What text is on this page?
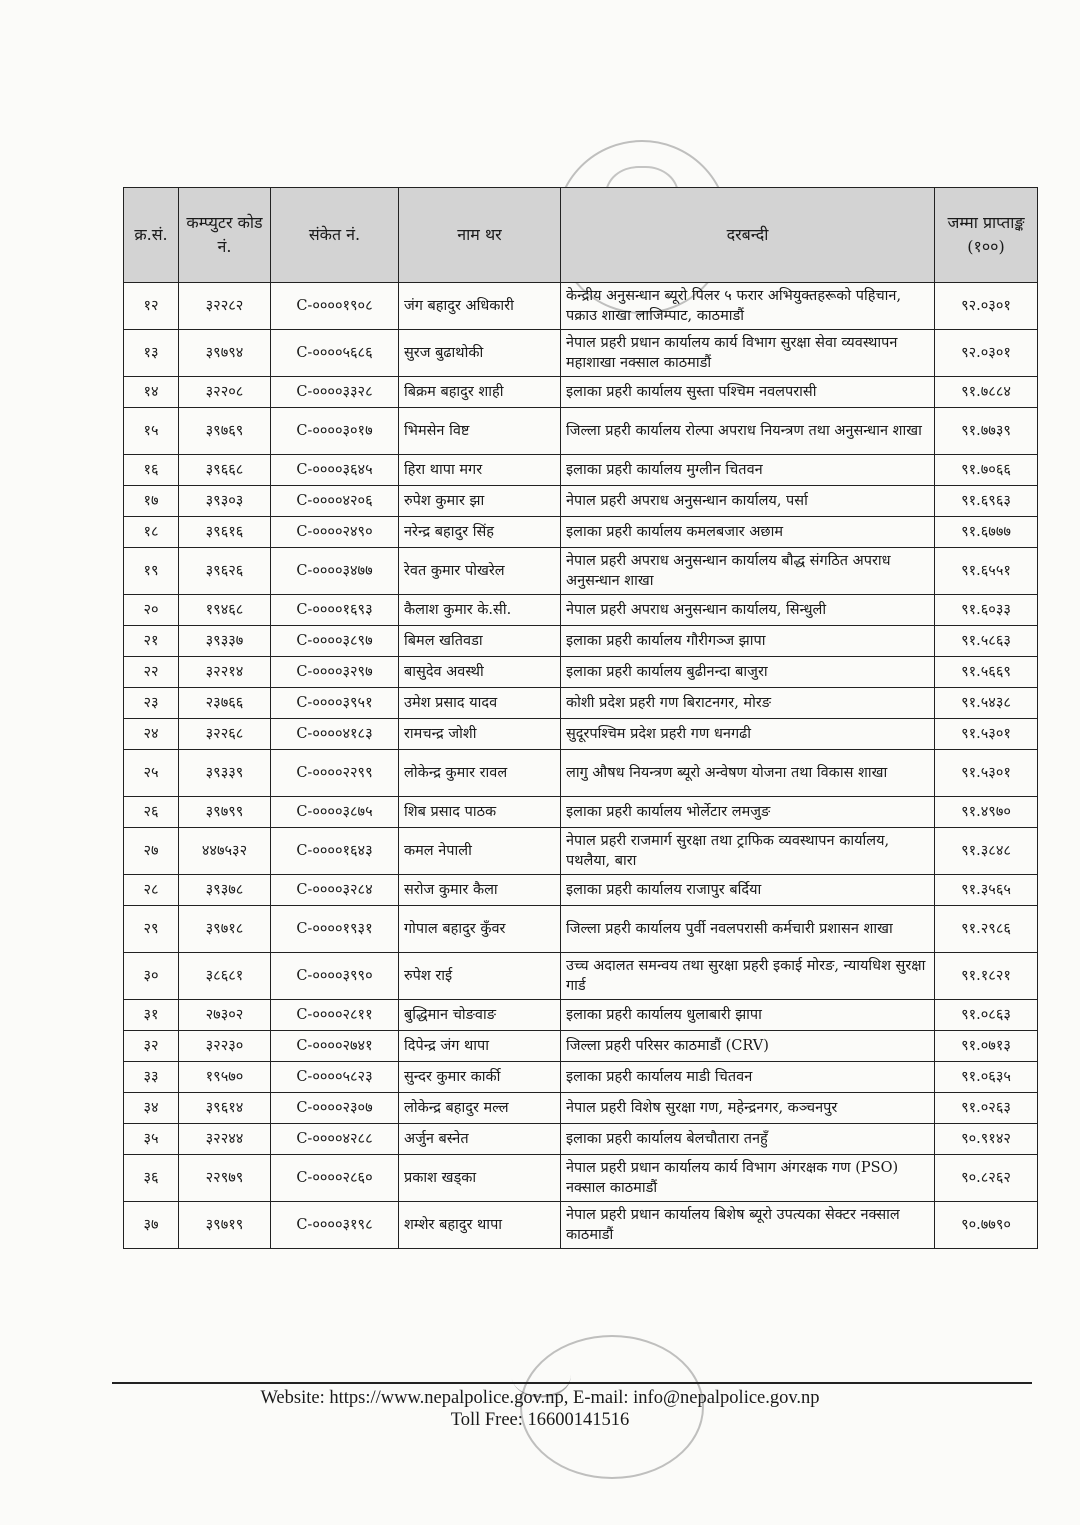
क्र.सं.	कम्प्युटर कोड नं.	संकेत नं.	नाम थर	दरबन्दी	जम्मा प्राप्ताङ्क (१००)
१२	३२२८२	C-००००१९०८	जंग बहादुर अधिकारी	केन्द्रीय अनुसन्धान ब्यूरो पिलर ५ फरार अभियुक्तहरूको पहिचान, पक्राउ शाखा लाजिम्पाट, काठमाडौं	९२.०३०१
१३	३९७९४	C-००००५६८६	सुरज बुढाथोकी	नेपाल प्रहरी प्रधान कार्यालय कार्य विभाग सुरक्षा सेवा व्यवस्थापन महाशाखा नक्साल काठमाडौं	९२.०३०१
१४	३२२०८	C-००००३३२८	बिक्रम बहादुर शाही	इलाका प्रहरी कार्यालय सुस्ता पश्चिम नवलपरासी	९१.७८८४
१५	३९७६९	C-००००३०१७	भिमसेन विष्ट	जिल्ला प्रहरी कार्यालय रोल्पा अपराध नियन्त्रण तथा अनुसन्धान शाखा	९१.७७३९
१६	३९६६८	C-००००३६४५	हिरा थापा मगर	इलाका प्रहरी कार्यालय मुग्लीन चितवन	९१.७०६६
१७	३९३०३	C-००००४२०६	रुपेश कुमार झा	नेपाल प्रहरी अपराध अनुसन्धान कार्यालय, पर्सा	९१.६९६३
१८	३९६१६	C-००००२४९०	नरेन्द्र बहादुर सिंह	इलाका प्रहरी कार्यालय कमलबजार अछाम	९१.६७७७
१९	३९६२६	C-००००३४७७	रेवत कुमार पोखरेल	नेपाल प्रहरी अपराध अनुसन्धान कार्यालय बौद्ध संगठित अपराध अनुसन्धान शाखा	९१.६५५१
२०	१९४६८	C-००००१६९३	कैलाश कुमार के.सी.	नेपाल प्रहरी अपराध अनुसन्धान कार्यालय, सिन्धुली	९१.६०३३
२१	३९३३७	C-००००३८९७	बिमल खतिवडा	इलाका प्रहरी कार्यालय गौरीगञ्ज झापा	९१.५८६३
२२	३२२१४	C-००००३२९७	बासुदेव अवस्थी	इलाका प्रहरी कार्यालय बुढीनन्दा बाजुरा	९१.५६६९
२३	२३७६६	C-००००३९५१	उमेश प्रसाद यादव	कोशी प्रदेश प्रहरी गण बिराटनगर, मोरङ	९१.५४३८
२४	३२२६८	C-००००४१८३	रामचन्द्र जोशी	सुदूरपश्चिम प्रदेश प्रहरी गण धनगढी	९१.५३०१
२५	३९३३९	C-००००२२९९	लोकेन्द्र कुमार रावल	लागु औषध नियन्त्रण ब्यूरो अन्वेषण योजना तथा विकास शाखा	९१.५३०१
२६	३९७९९	C-००००३८७५	शिब प्रसाद पाठक	इलाका प्रहरी कार्यालय भोर्लेटार लमजुङ	९१.४९७०
२७	४४७५३२	C-००००१६४३	कमल नेपाली	नेपाल प्रहरी राजमार्ग सुरक्षा तथा ट्राफिक व्यवस्थापन कार्यालय, पथलैया, बारा	९१.३८४८
२८	३९३७८	C-००००३२८४	सरोज कुमार कैला	इलाका प्रहरी कार्यालय राजापुर बर्दिया	९१.३५६५
२९	३९७१८	C-००००१९३१	गोपाल बहादुर कुँवर	जिल्ला प्रहरी कार्यालय पुर्वी नवलपरासी कर्मचारी प्रशासन शाखा	९१.२९८६
३०	३८६८१	C-००००३९९०	रुपेश राई	उच्च अदालत समन्वय तथा सुरक्षा प्रहरी इकाई मोरङ, न्यायधिश सुरक्षा गार्ड	९१.१८२१
३१	२७३०२	C-००००२८११	बुद्धिमान चोङवाङ	इलाका प्रहरी कार्यालय धुलाबारी झापा	९१.०८६३
३२	३२२३०	C-००००२७४१	दिपेन्द्र जंग थापा	जिल्ला प्रहरी परिसर काठमाडौं (CRV)	९१.०७१३
३३	१९५७०	C-००००५८२३	सुन्दर कुमार कार्की	इलाका प्रहरी कार्यालय माडी चितवन	९१.०६३५
३४	३९६१४	C-००००२३०७	लोकेन्द्र बहादुर मल्ल	नेपाल प्रहरी विशेष सुरक्षा गण, महेन्द्रनगर, कञ्चनपुर	९१.०२६३
३५	३२२४४	C-००००४२८८	अर्जुन बस्नेत	इलाका प्रहरी कार्यालय बेलचौतारा तनहुँ	९०.९१४२
३६	२२९७९	C-००००२८६०	प्रकाश खड्का	नेपाल प्रहरी प्रधान कार्यालय कार्य विभाग अंगरक्षक गण (PSO) नक्साल काठमाडौं	९०.८२६२
३७	३९७१९	C-००००३१९८	शम्शेर बहादुर थापा	नेपाल प्रहरी प्रधान कार्यालय बिशेष ब्यूरो उपत्यका सेक्टर नक्साल काठमाडौं	९०.७७९०
Website: https://www.nepalpolice.gov.np, E-mail: info@nepalpolice.gov.np
Toll Free: 16600141516
